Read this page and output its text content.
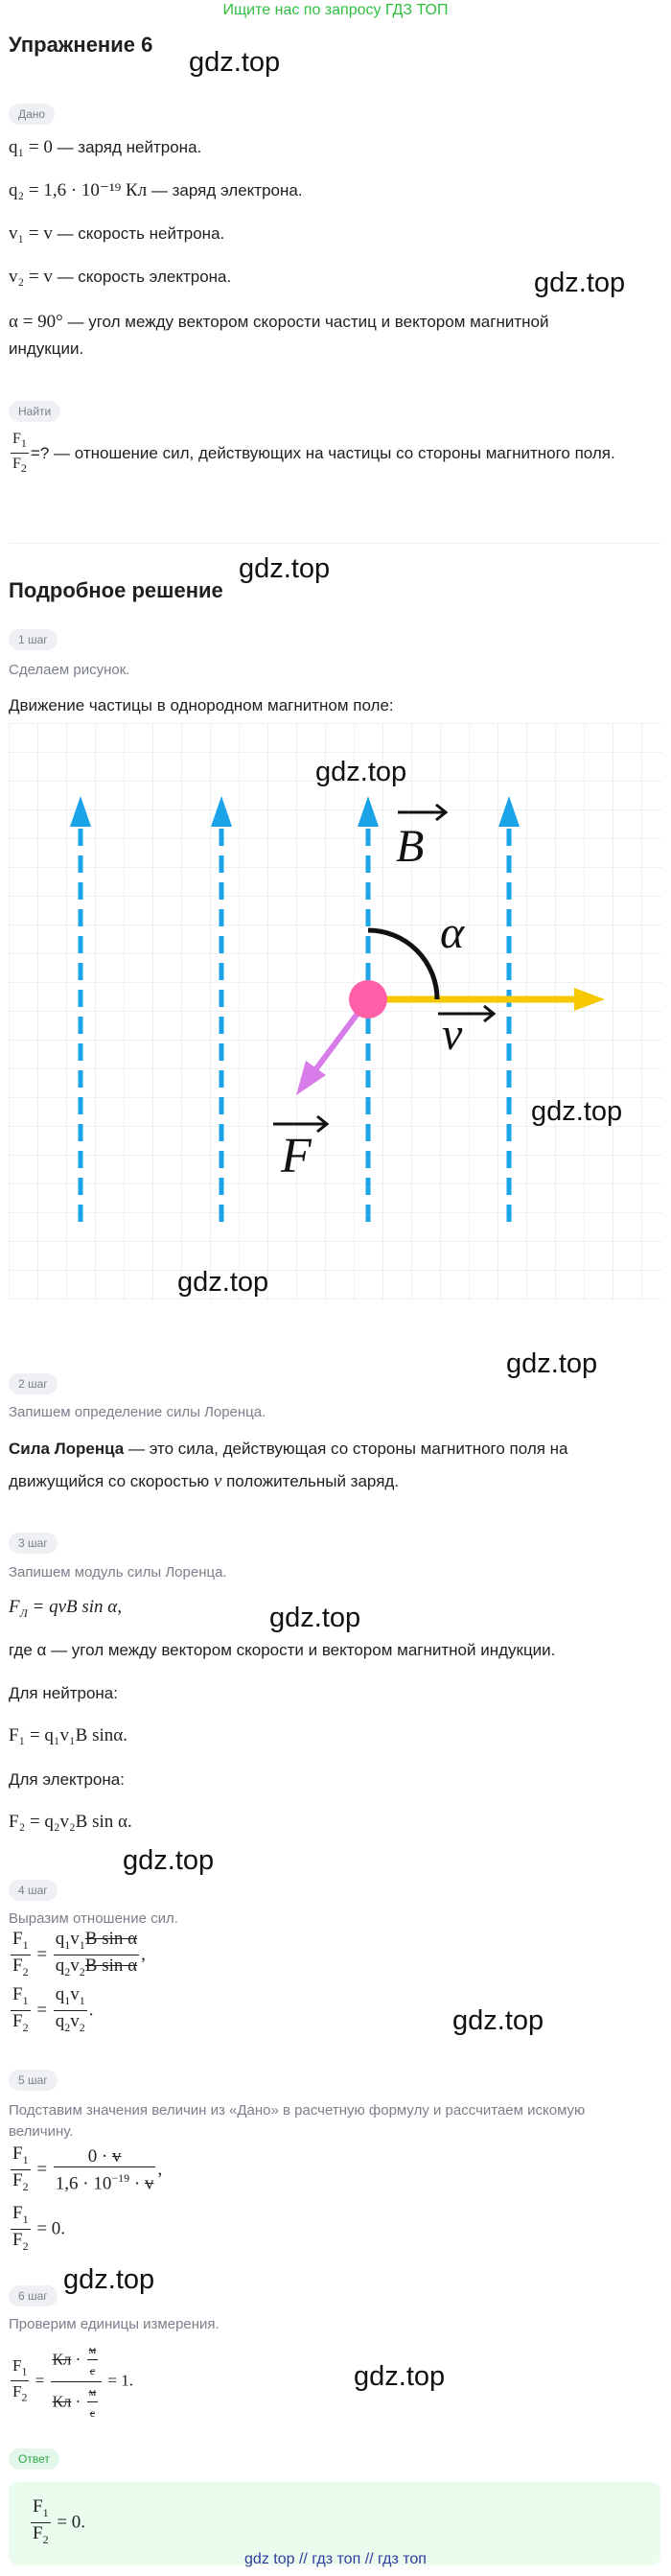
Ищите нас по запросу ГДЗ ТОП
Упражнение 6
gdz.top
Дано
q₁ = 0 — заряд нейтрона.
q₂ = 1,6 · 10⁻¹⁹ Кл — заряд электрона.
v₁ = v — скорость нейтрона.
v₂ = v — скорость электрона.	gdz.top
α = 90° — угол между вектором скорости частиц и вектором магнитной индукции.
Найти
$\frac{F_1}{F_2}$ =? — отношение сил, действующих на частицы со стороны магнитного поля.
Подробное решение
gdz.top
1 шаг
Сделаем рисунок.
Движение частицы в однородном магнитном поле:
B
α
v
F
gdz.top
gdz.top
gdz.top
gdz.top
2 шаг
Запишем определение силы Лоренца.
Сила Лоренца — это сила, действующая со стороны магнитного поля на движущийся со скоростью v положительный заряд.
3 шаг
Запишем модуль силы Лоренца.
$F_Л$ = qvB sin α,	gdz.top
где α — угол между вектором скорости и вектором магнитной индукции.
Для нейтрона:
F₁ = q₁v₁B sinα.
Для электрона:
F₂ = q₂v₂B sin α.
gdz.top
4 шаг
Выразим отношение сил.
$\frac{F_1}{F_2} = \frac{q_1v_1B \sin \alpha}{q_2v_2B \sin \alpha}$ ,
$\frac{F_1}{F_2} = \frac{q_1v_1}{q_2v_2}$ .	gdz.top
5 шаг
Подставим значения величин из «Дано» в расчетную формулу и рассчитаем искомую величину.
$\frac{F_1}{F_2} = \frac{0 \cdot v}{1,6 \cdot 10^{-19} \cdot v}$ ,
$\frac{F_1}{F_2} = 0$.
6 шаг
gdz.top
Проверим единицы измерения.
$\frac{F_1}{F_2} = \frac{Кл \cdot \frac{м}{с}}{Кл \cdot \frac{м}{с}} = 1$.	gdz.top
Ответ
$\frac{F_1}{F_2} = 0$.
gdz top // гдз топ // гдз топ
